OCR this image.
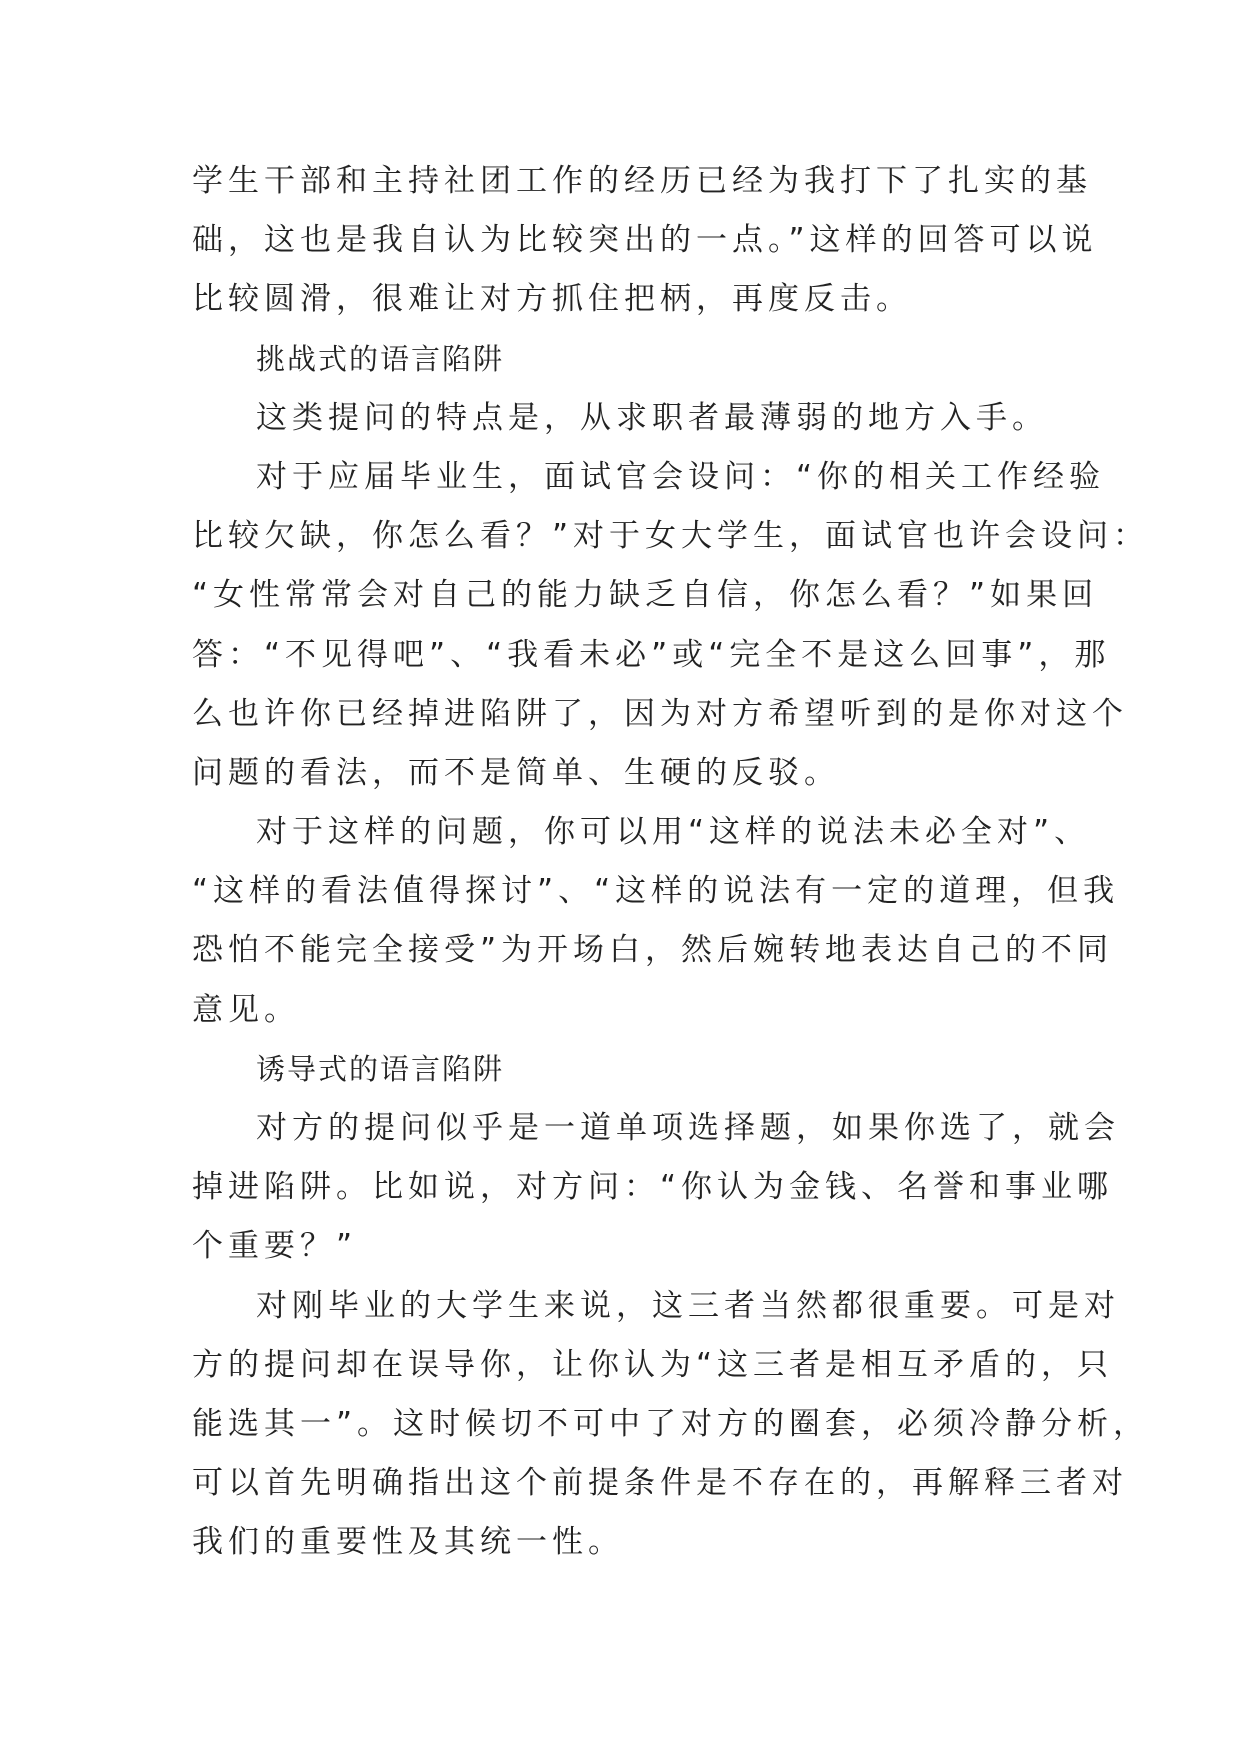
学生干部和主持社团工作的经历已经为我打下了扎实的基
础，这也是我自认为比较突出的一点。”这样的回答可以说
比较圆滑，很难让对方抓住把柄，再度反击。
挑战式的语言陷阱
这类提问的特点是，从求职者最薄弱的地方入手。
对于应届毕业生，面试官会设问：“你的相关工作经验
比较欠缺，你怎么看？”对于女大学生，面试官也许会设问：
“女性常常会对自己的能力缺乏自信，你怎么看？”如果回
答：“不见得吧”、“我看未必”或“完全不是这么回事”，那
么也许你已经掉进陷阱了，因为对方希望听到的是你对这个
问题的看法，而不是简单、生硬的反驳。
对于这样的问题，你可以用“这样的说法未必全对”、
“这样的看法值得探讨”、“这样的说法有一定的道理，但我
恐怕不能完全接受”为开场白，然后婉转地表达自己的不同
意见。
诱导式的语言陷阱
对方的提问似乎是一道单项选择题，如果你选了，就会
掉进陷阱。比如说，对方问：“你认为金钱、名誉和事业哪
个重要？”
对刚毕业的大学生来说，这三者当然都很重要。可是对
方的提问却在误导你，让你认为“这三者是相互矛盾的，只
能选其一”。这时候切不可中了对方的圈套，必须冷静分析，
可以首先明确指出这个前提条件是不存在的，再解释三者对
我们的重要性及其统一性。
